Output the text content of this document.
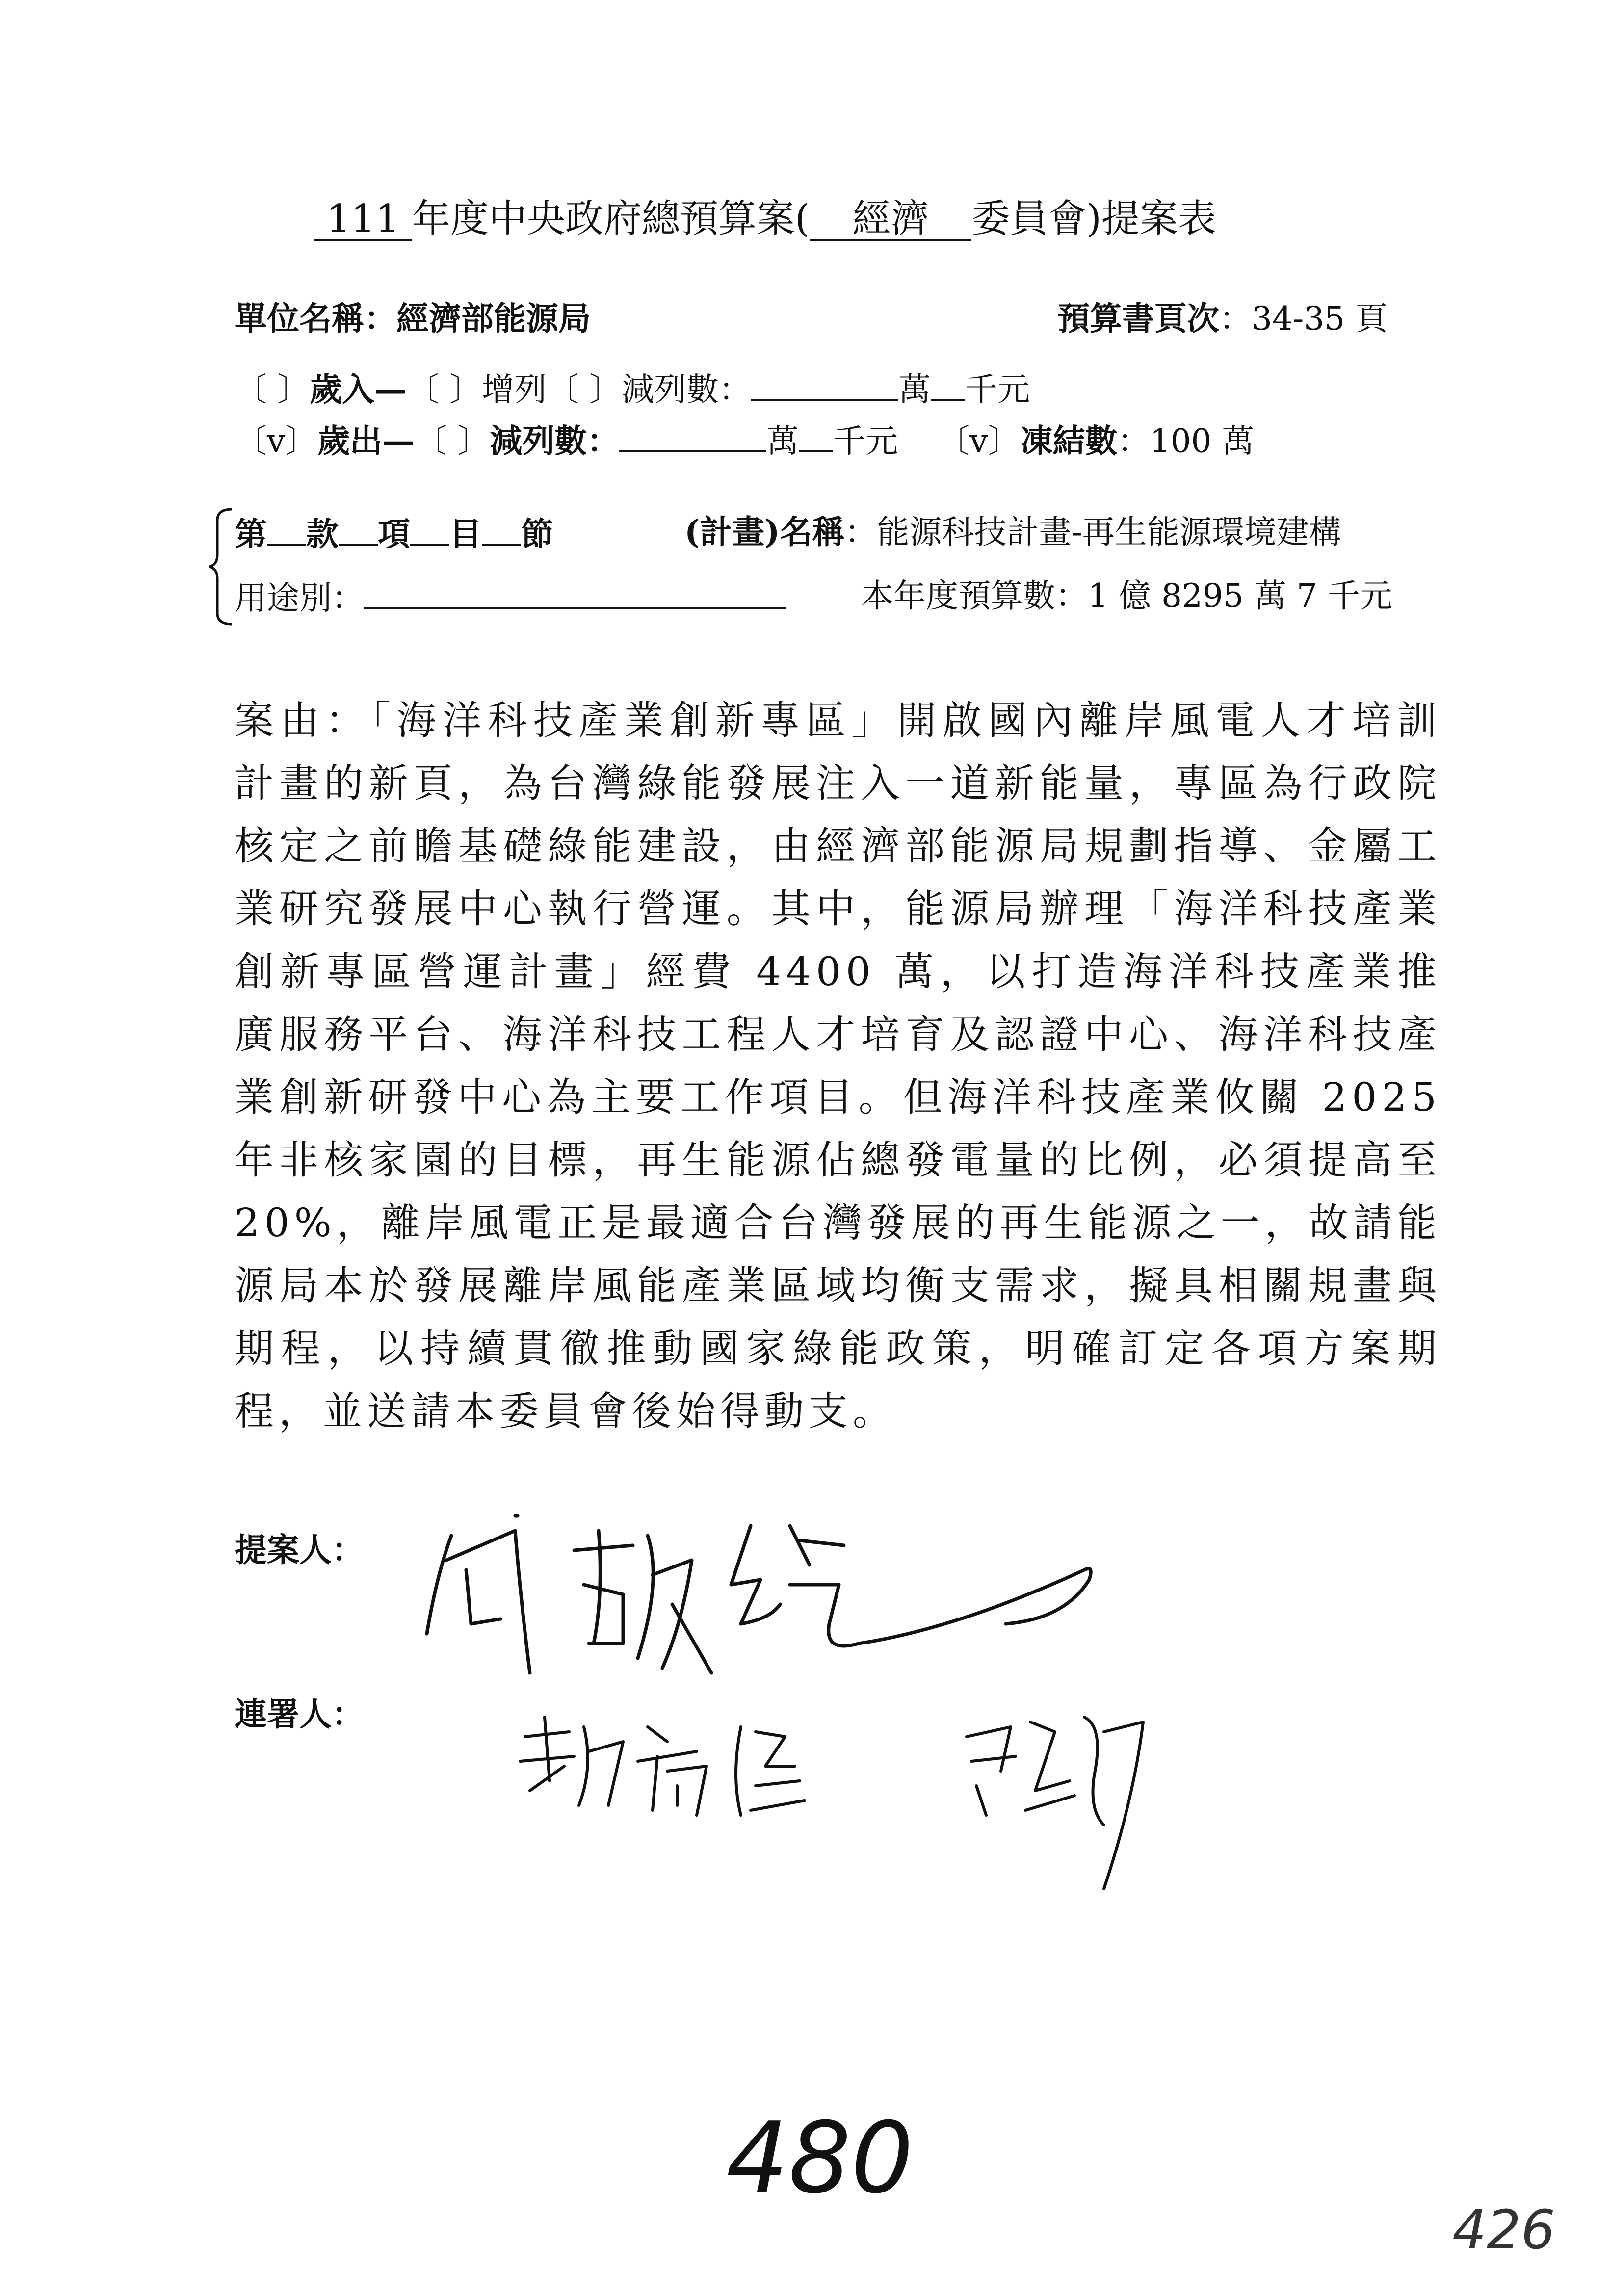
111 年度中央政府總預算案( 經濟 委員會)提案表
單位名稱：經濟部能源局	預算書頁次：34-35 頁
〔 〕歲入—〔 〕增列〔 〕減列數：	萬 千元
〔v〕歲出—〔 〕減列數：	萬 千元 〔v〕凍結數：100 萬
第 款 項 目 節	(計畫)名稱：能源科技計畫-再生能源環境建構
用途別：	本年度預算數：1 億 8295 萬 7 千元
案由：「海洋科技產業創新專區」開啟國內離岸風電人才培訓計畫的新頁，為台灣綠能發展注入一道新能量，專區為行政院核定之前瞻基礎綠能建設，由經濟部能源局規劃指導、金屬工業研究發展中心執行營運。其中，能源局辦理「海洋科技產業創新專區營運計畫」經費 4400 萬，以打造海洋科技產業推廣服務平台、海洋科技工程人才培育及認證中心、海洋科技產業創新研發中心為主要工作項目。但海洋科技產業攸關 2025 年非核家園的目標，再生能源佔總發電量的比例，必須提高至 20%，離岸風電正是最適合台灣發展的再生能源之一，故請能源局本於發展離岸風能產業區域均衡支需求，擬具相關規畫與期程，以持續貫徹推動國家綠能政策，明確訂定各項方案期程，並送請本委員會後始得動支。
提案人：
連署人：
480
426
